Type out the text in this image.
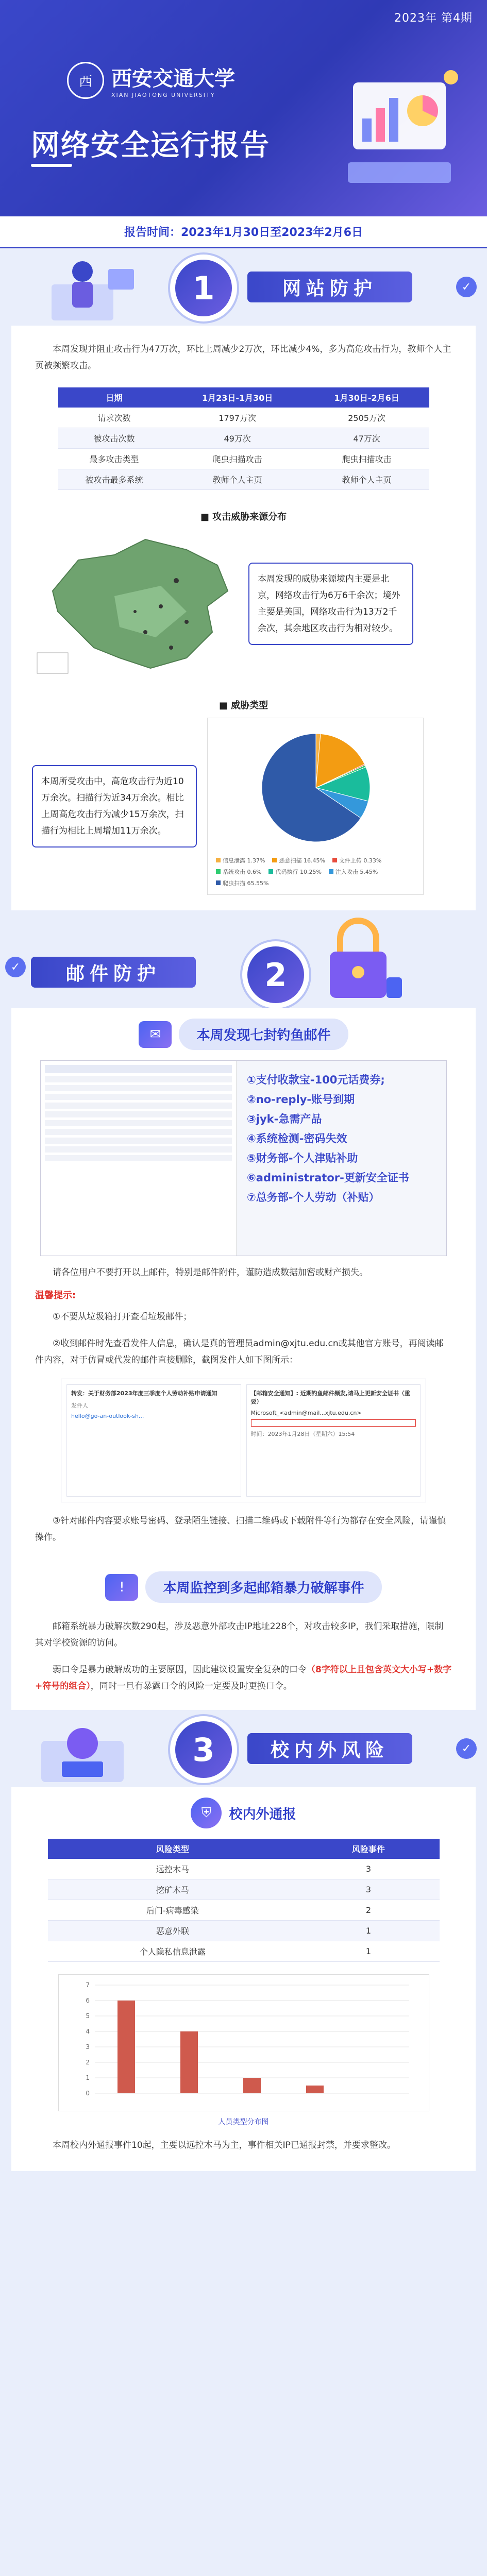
2023年 第4期
西 西安交通大学
XIAN JIAOTONG UNIVERSITY
网络安全运行报告
报告时间：2023年1月30日至2023年2月6日
1	网站防护	✓
本周发现并阻止攻击行为47万次，环比上周减少2万次，环比减少4%，多为高危攻击行为，教师个人主页被频繁攻击。
日期	1月23日-1月30日	1月30日-2月6日
请求次数	1797万次	2505万次
被攻击次数	49万次	47万次
最多攻击类型	爬虫扫描攻击	爬虫扫描攻击
被攻击最多系统	教师个人主页	教师个人主页
■ 攻击威胁来源分布
本周发现的威胁来源境内主要是北京，网络攻击行为6万6千余次；境外主要是美国，网络攻击行为13万2千余次，其余地区攻击行为相对较少。
■ 威胁类型
本周所受攻击中，高危攻击行为近10万余次。扫描行为近34万余次。相比上周高危攻击行为减少15万余次，扫描行为相比上周增加11万余次。
信息泄露 1.37%	恶意扫描 16.45%	文件上传 0.33%
系统攻击 0.6%	代码执行 10.25%	注入攻击 5.45%
爬虫扫描 65.55%
✓	邮件防护	2
✉	本周发现七封钓鱼邮件
①支付收款宝-100元话费券;
②no-reply-账号到期
③jyk-急需产品
④系统检测-密码失效
⑤财务部-个人津贴补助
⑥administrator-更新安全证书
⑦总务部-个人劳动（补贴）
请各位用户不要打开以上邮件，特别是邮件附件，谨防造成数据加密或财产损失。
温馨提示:
①不要从垃圾箱打开查看垃圾邮件；
②收到邮件时先查看发件人信息，确认是真的管理员admin@xjtu.edu.cn或其他官方账号，再阅读邮件内容，对于仿冒或代发的邮件直接删除，截图发件人如下图所示：
转发：关于财务部2023年度三季度个人劳动补贴申请通知
发件人
hello@go-an-outlook-sh...
【邮箱安全通知】: 近期钓鱼邮件频发,请马上更新安全证书（重要）
Microsoft_<admin@mail...xjtu.edu.cn>
时间：2023年1月28日（星期六）15:54
③针对邮件内容要求账号密码、登录陌生链接、扫描二维码或下载附件等行为都存在安全风险，请谨慎操作。
!	本周监控到多起邮箱暴力破解事件
邮箱系统暴力破解次数290起，涉及恶意外部攻击IP地址228个，对攻击较多IP，我们采取措施，限制其对学校资源的访问。
弱口令是暴力破解成功的主要原因，因此建议设置安全复杂的口令（8字符以上且包含英文大小写+数字+符号的组合），同时一旦有暴露口令的风险一定要及时更换口令。
3	校内外风险	✓
⛨	校内外通报
风险类型	风险事件
远控木马	3
挖矿木马	3
后门-病毒感染	2
恶意外联	1
个人隐私信息泄露	1
0
1
2
3
4
5
6
7
人员类型分布图
本周校内外通报事件10起，主要以远控木马为主，事件相关IP已通报封禁，并要求整改。
